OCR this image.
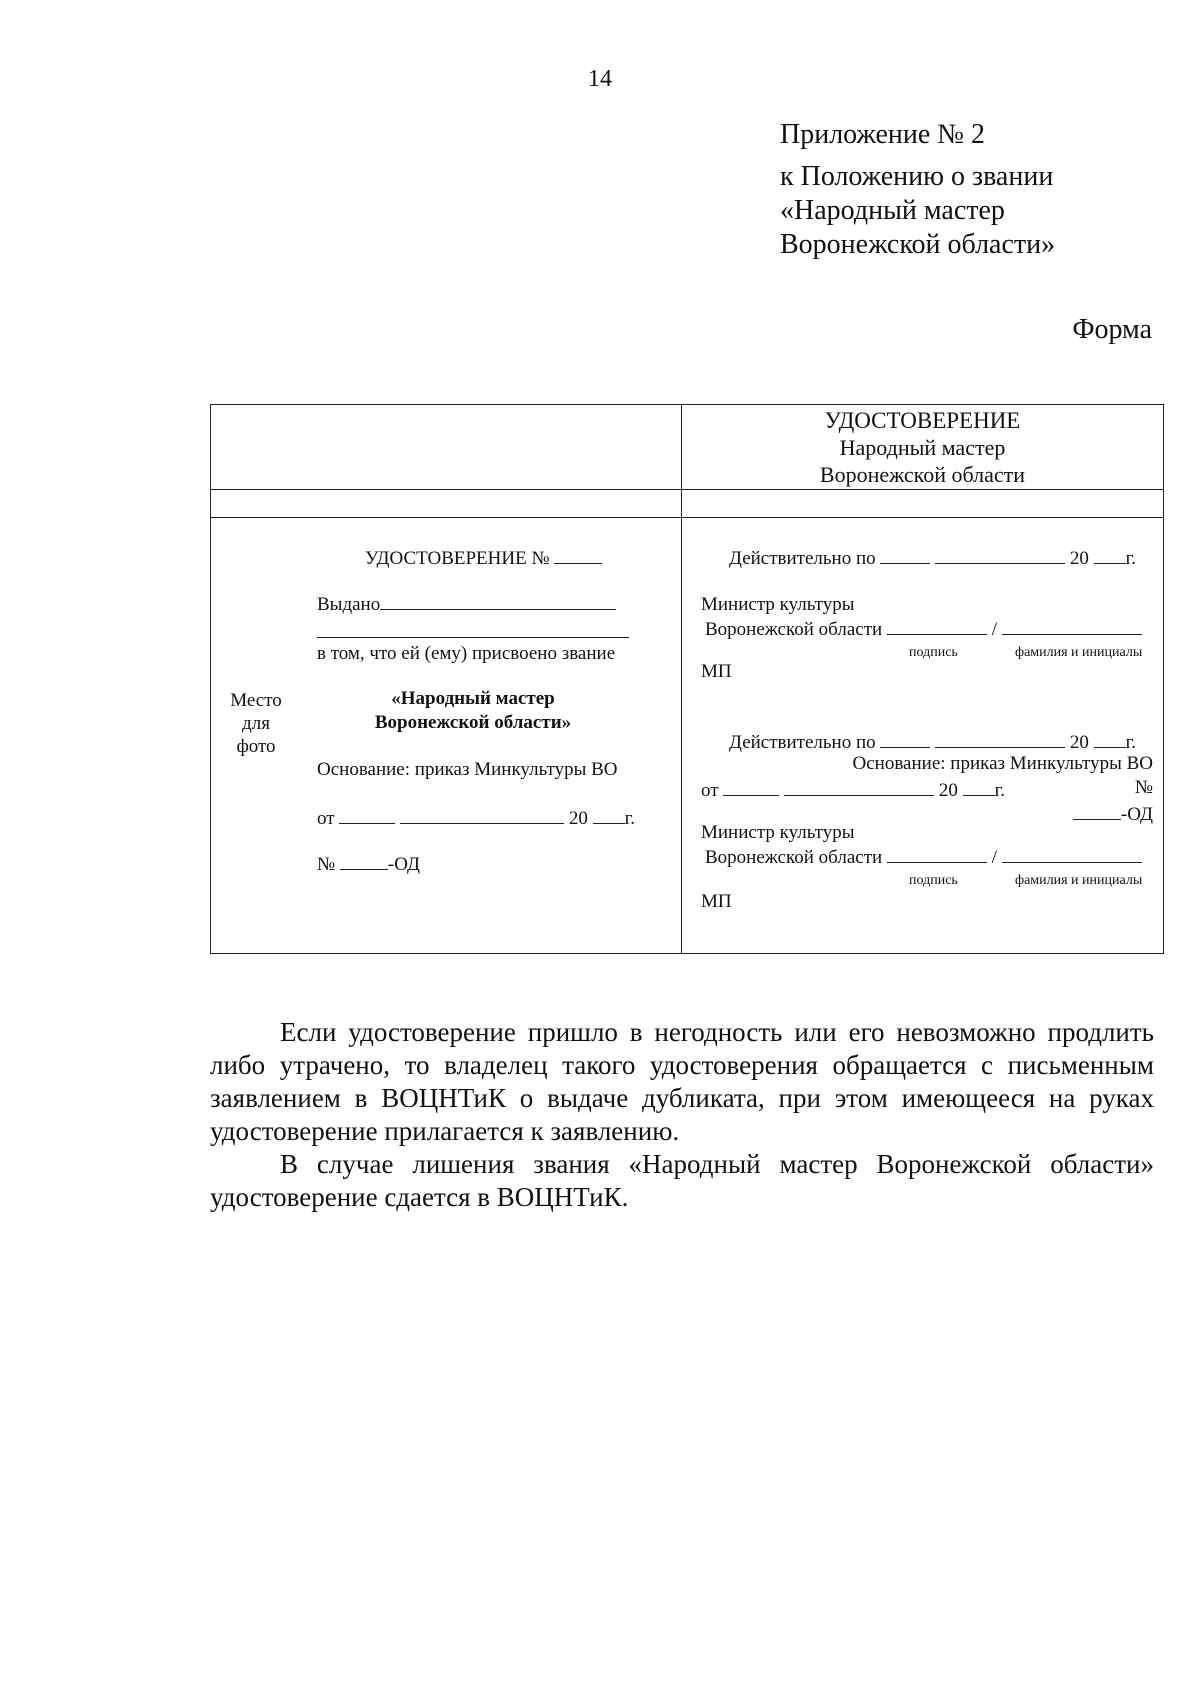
14
Приложение № 2
к Положению о звании
«Народный мастер
Воронежской области»
Форма
УДОСТОВЕРЕНИЕ
Народный мастер
Воронежской области
Место
для
фото
УДОСТОВЕРЕНИЕ №
Выдано
в том, что ей (ему) присвоено звание
«Народный мастер
Воронежской области»
Основание: приказ Минкультуры ВО
от	20 г.
№	-ОД
Действительно по	20 г.
Министр культуры
Воронежской области	/
подпись	фамилия и инициалы
МП
Действительно по	20 г.
Основание: приказ Минкультуры ВО
от	20 г.	№
-ОД
Министр культуры
Воронежской области	/
подпись	фамилия и инициалы
МП

Если удостоверение пришло в негодность или его невозможно продлить либо утрачено, то владелец такого удостоверения обращается с письменным заявлением в ВОЦНТиК о выдаче дубликата, при этом имеющееся на руках удостоверение прилагается к заявлению.

В случае лишения звания «Народный мастер Воронежской области» удостоверение сдается в ВОЦНТиК.
